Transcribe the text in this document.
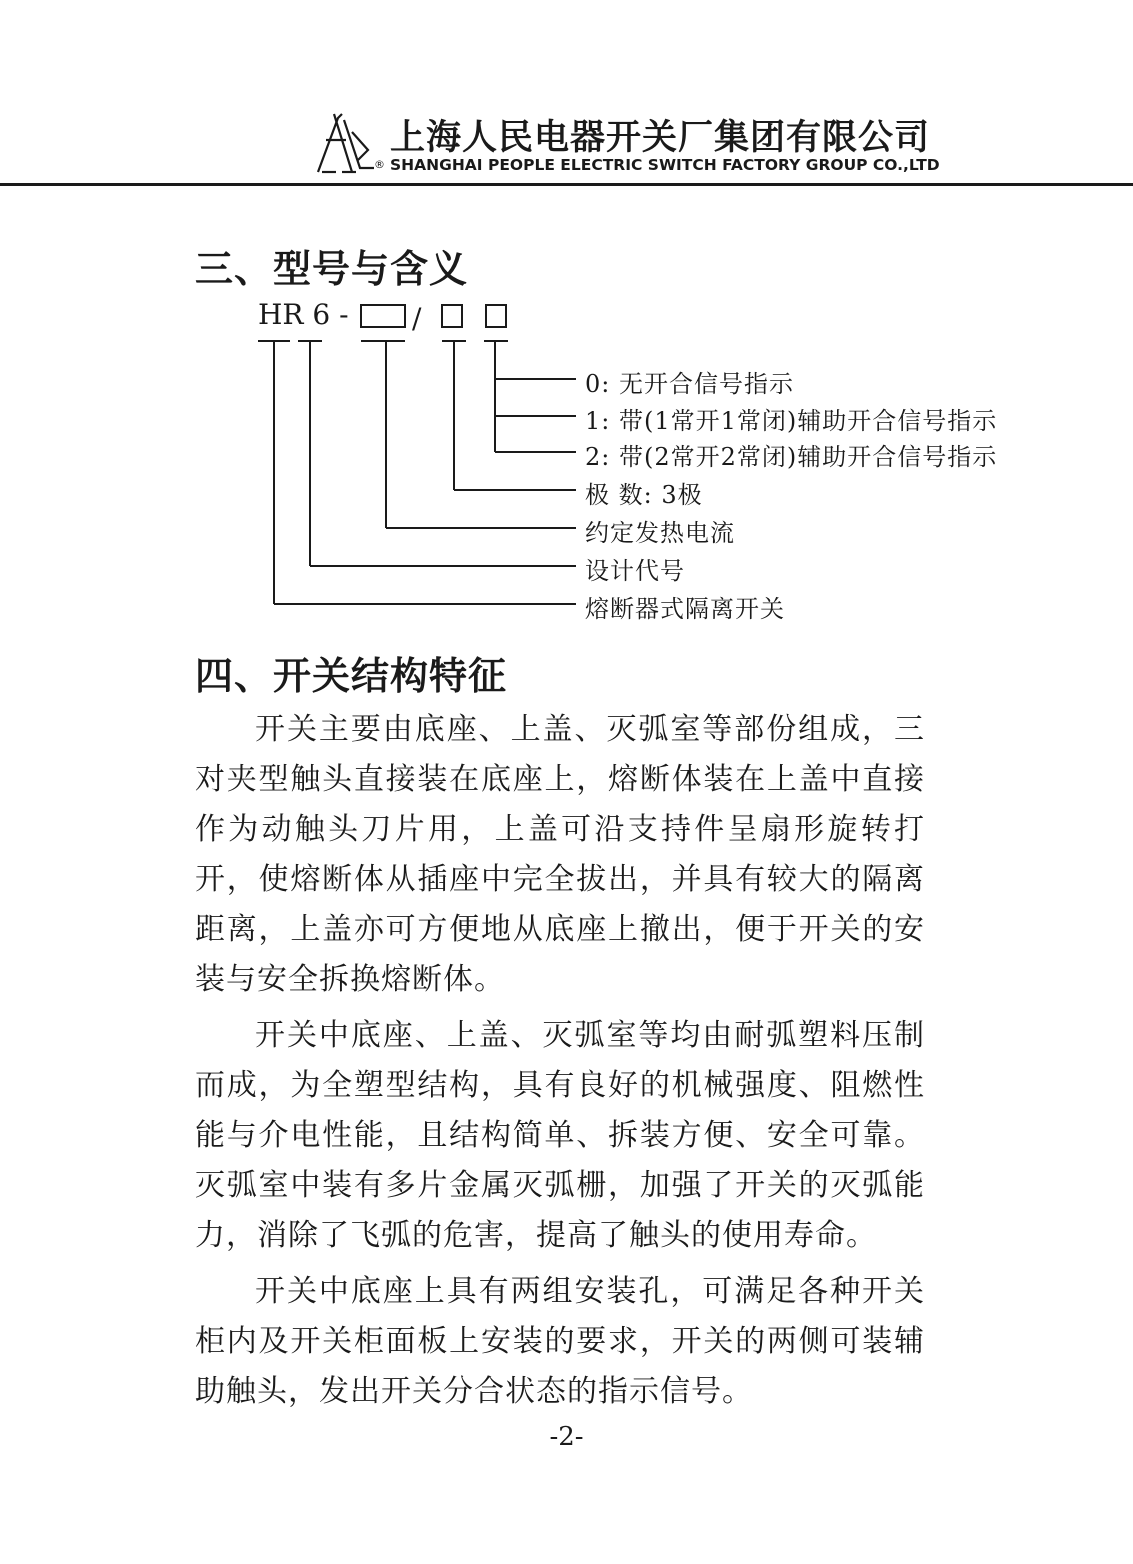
®
上海人民电器开关厂集团有限公司
SHANGHAI PEOPLE ELECTRIC SWITCH FACTORY GROUP CO.,LTD
三、型号与含义
HR 6 - /
0: 无开合信号指示
1: 带(1常开1常闭)辅助开合信号指示
2: 带(2常开2常闭)辅助开合信号指示
极 数: 3极
约定发热电流
设计代号
熔断器式隔离开关
四、开关结构特征

开关主要由底座、上盖、灭弧室等部份组成，三对夹型触头直接装在底座上，熔断体装在上盖中直接作为动触头刀片用，上盖可沿支持件呈扇形旋转打开，使熔断体从插座中完全拔出，并具有较大的隔离距离，上盖亦可方便地从底座上撤出，便于开关的安装与安全拆换熔断体。

开关中底座、上盖、灭弧室等均由耐弧塑料压制而成，为全塑型结构，具有良好的机械强度、阻燃性能与介电性能，且结构简单、拆装方便、安全可靠。灭弧室中装有多片金属灭弧栅，加强了开关的灭弧能力，消除了飞弧的危害，提高了触头的使用寿命。

开关中底座上具有两组安装孔，可满足各种开关柜内及开关柜面板上安装的要求，开关的两侧可装辅助触头，发出开关分合状态的指示信号。

-2-
